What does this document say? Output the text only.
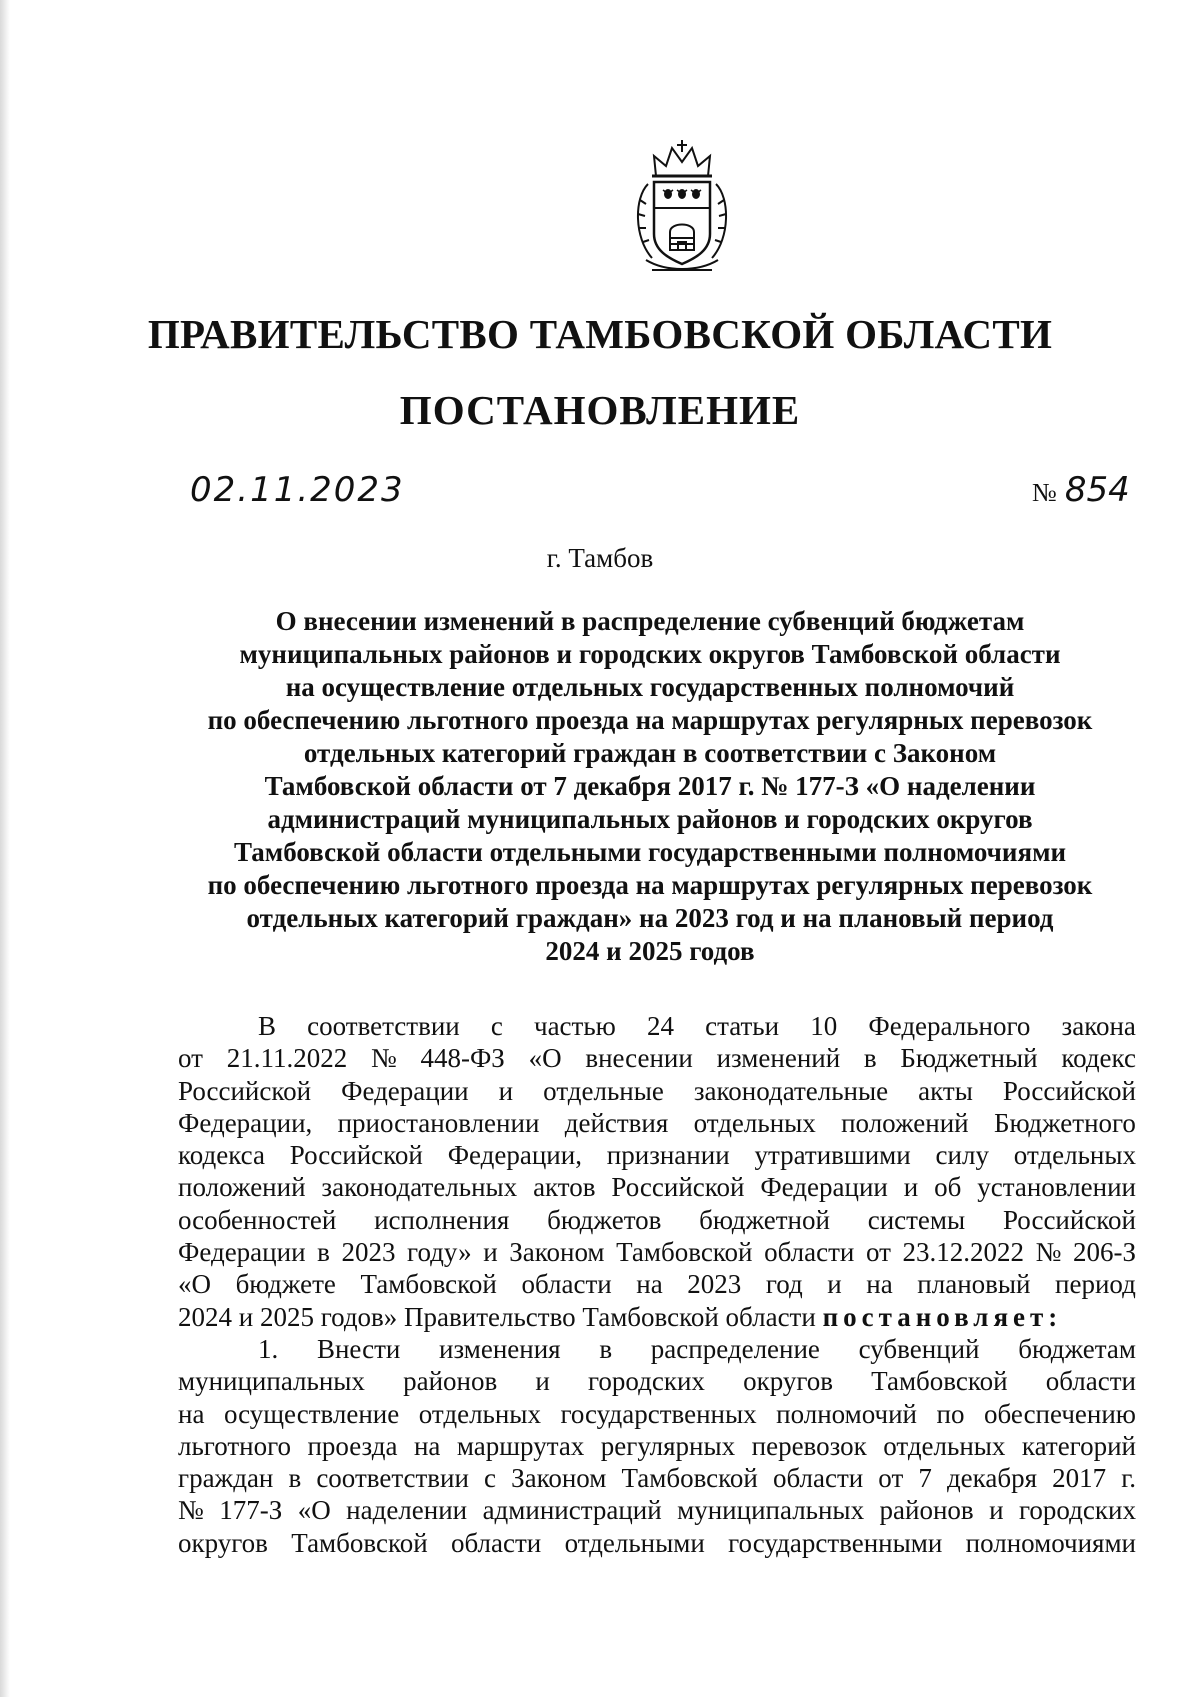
ПРАВИТЕЛЬСТВО ТАМБОВСКОЙ ОБЛАСТИ
ПОСТАНОВЛЕНИЕ
02.11.2023	№ 854
г. Тамбов
О внесении изменений в распределение субвенций бюджетам
муниципальных районов и городских округов Тамбовской области
на осуществление отдельных государственных полномочий
по обеспечению льготного проезда на маршрутах регулярных перевозок
отдельных категорий граждан в соответствии с Законом
Тамбовской области от 7 декабря 2017 г. № 177-З «О наделении
администраций муниципальных районов и городских округов
Тамбовской области отдельными государственными полномочиями
по обеспечению льготного проезда на маршрутах регулярных перевозок
отдельных категорий граждан» на 2023 год и на плановый период
2024 и 2025 годов
В соответствии с частью 24 статьи 10 Федерального закона
от 21.11.2022 № 448-ФЗ «О внесении изменений в Бюджетный кодекс
Российской Федерации и отдельные законодательные акты Российской
Федерации, приостановлении действия отдельных положений Бюджетного
кодекса Российской Федерации, признании утратившими силу отдельных
положений законодательных актов Российской Федерации и об установлении
особенностей исполнения бюджетов бюджетной системы Российской
Федерации в 2023 году» и Законом Тамбовской области от 23.12.2022 № 206-З
«О бюджете Тамбовской области на 2023 год и на плановый период
2024 и 2025 годов» Правительство Тамбовской области
постановляет:
1. Внести изменения в распределение субвенций бюджетам
муниципальных районов и городских округов Тамбовской области
на осуществление отдельных государственных полномочий по обеспечению
льготного проезда на маршрутах регулярных перевозок отдельных категорий
граждан в соответствии с Законом Тамбовской области от 7 декабря 2017 г.
№ 177-З «О наделении администраций муниципальных районов и городских
округов Тамбовской области отдельными государственными полномочиями
